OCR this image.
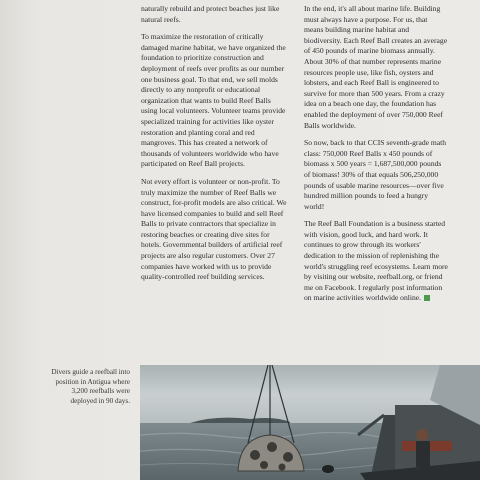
naturally rebuild and protect beaches just like natural reefs.

To maximize the restoration of critically damaged marine habitat, we have organized the foundation to prioritize construction and deployment of reefs over profits as our number one business goal. To that end, we sell molds directly to any nonprofit or educational organization that wants to build Reef Balls using local volunteers. Volunteer teams provide specialized training for activities like oyster restoration and planting coral and red mangroves. This has created a network of thousands of volunteers worldwide who have participated on Reef Ball projects.

Not every effort is volunteer or non-profit. To truly maximize the number of Reef Balls we construct, for-profit models are also critical. We have licensed companies to build and sell Reef Balls to private contractors that specialize in restoring beaches or creating dive sites for hotels. Governmental builders of artificial reef projects are also regular customers. Over 27 companies have worked with us to provide quality-controlled reef building services.

In the end, it's all about marine life. Building must always have a purpose. For us, that means building marine habitat and biodiversity. Each Reef Ball creates an average of 450 pounds of marine biomass annually. About 30% of that number represents marine resources people use, like fish, oysters and lobsters, and each Reef Ball is engineered to survive for more than 500 years. From a crazy idea on a beach one day, the foundation has enabled the deployment of over 750,000 Reef Balls worldwide.

So now, back to that CCIS seventh-grade math class: 750,000 Reef Balls x 450 pounds of biomass x 500 years = 1,687,500,000 pounds of biomass! 30% of that equals 506,250,000 pounds of usable marine resources—over five hundred million pounds to feed a hungry world!

The Reef Ball Foundation is a business started with vision, good luck, and hard work. It continues to grow through its workers' dedication to the mission of replenishing the world's struggling reef ecosystems. Learn more by visiting our website, reefball.org, or friend me on Facebook. I regularly post information on marine activities worldwide online.

Divers guide a reefball into position in Antigua where 3,200 reefballs were deployed in 90 days.
